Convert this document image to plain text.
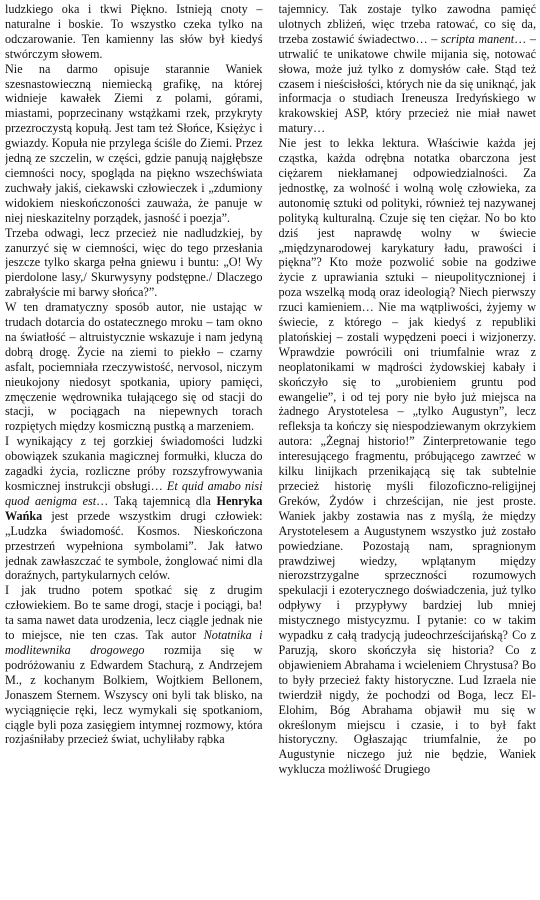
ludzkiego oka i tkwi Piękno. Istnieją cnoty – naturalne i boskie. To wszystko czeka tylko na odczarowanie. Ten kamienny las słów był kiedyś stwórczym słowem.

Nie na darmo opisuje starannie Waniek szesnastowieczną niemiecką grafikę, na której widnieje kawałek Ziemi z polami, górami, miastami, poprzecinany wstążkami rzek, przykryty przezroczystą kopułą. Jest tam też Słońce, Księżyc i gwiazdy. Kopuła nie przylega ściśle do Ziemi. Przez jedną ze szczelin, w części, gdzie panują najgłębsze ciemności nocy, spogląda na piękno wszechświata zuchwały jakiś, ciekawski człowieczek i „zdumiony widokiem nieskończoności zauważa, że panuje w niej nieskazitelny porządek, jasność i poezja”.

Trzeba odwagi, lecz przecież nie nadludzkiej, by zanurzyć się w ciemności, więc do tego przesłania jeszcze tylko skarga pełna gniewu i buntu: „O! Wy pierdolone lasy,/ Skurwysyny podstępne./ Dlaczego zabrałyście mi barwy słońca?”.

W ten dramatyczny sposób autor, nie ustając w trudach dotarcia do ostatecznego mroku – tam okno na światłość – altruistycznie wskazuje i nam jedyną dobrą drogę. Życie na ziemi to piekło – czarny asfalt, pociemniała rzeczywistość, nervosol, niczym nieukojony niedosyt spotkania, upiory pamięci, zmęczenie wędrownika tułającego się od stacji do stacji, w pociągach na niepewnych torach rozpiętych między kosmiczną pustką a marzeniem.

I wynikający z tej gorzkiej świadomości ludzki obowiązek szukania magicznej formułki, klucza do zagadki życia, rozliczne próby rozszyfrowywania kosmicznej instrukcji obsługi… Et quid amabo nisi quod aenigma est… Taką tajemnicą dla Henryka Wańka jest przede wszystkim drugi człowiek: „Ludzka świadomość. Kosmos. Nieskończona przestrzeń wypełniona symbolami”. Jak łatwo jednak zawłaszczać te symbole, żonglować nimi dla doraźnych, partykularnych celów.

I jak trudno potem spotkać się z drugim człowiekiem. Bo te same drogi, stacje i pociągi, ba! ta sama nawet data urodzenia, lecz ciągle jednak nie to miejsce, nie ten czas. Tak autor Notatnika i modlitewnika drogowego rozmija się w podróżowaniu z Edwardem Stachurą, z Andrzejem M., z kochanym Bolkiem, Wojtkiem Bellonem, Jonaszem Sternem. Wszyscy oni byli tak blisko, na wyciągnięcie ręki, lecz wymykali się spotkaniom, ciągle byli poza zasięgiem intymnej rozmowy, która rozjaśniłaby przecież świat, uchyliłaby rąbka

tajemnicy. Tak zostaje tylko zawodna pamięć ulotnych zbliżeń, więc trzeba ratować, co się da, trzeba zostawić świadectwo… – scripta manent… – utrwalić te unikatowe chwile mijania się, notować słowa, może już tylko z domysłów całe. Stąd też czasem i nieścisłości, których nie da się uniknąć, jak informacja o studiach Ireneusza Iredyńskiego w krakowskiej ASP, który przecież nie miał nawet matury…

Nie jest to lekka lektura. Właściwie każda jej cząstka, każda odrębna notatka obarczona jest ciężarem niekłamanej odpowiedzialności. Za jednostkę, za wolność i wolną wolę człowieka, za autonomię sztuki od polityki, również tej nazywanej polityką kulturalną. Czuje się ten ciężar. No bo kto dziś jest naprawdę wolny w świecie „międzynarodowej karykatury ładu, prawości i piękna”? Kto może pozwolić sobie na godziwe życie z uprawiania sztuki – nieupolitycznionej i poza wszelką modą oraz ideologią? Niech pierwszy rzuci kamieniem… Nie ma wątpliwości, żyjemy w świecie, z którego – jak kiedyś z republiki platońskiej – zostali wypędzeni poeci i wizjonerzy. Wprawdzie powrócili oni triumfalnie wraz z neoplatonikami w mądrości żydowskiej kabały i skończyło się to „urobieniem gruntu pod ewangelie”, i od tej pory nie było już miejsca na żadnego Arystotelesa – „tylko Augustyn”, lecz refleksja ta kończy się niespodziewanym okrzykiem autora: „Żegnaj historio!” Zinterpretowanie tego interesującego fragmentu, próbującego zawrzeć w kilku linijkach przenikającą się tak subtelnie przecież historię myśli filozoficzno-religijnej Greków, Żydów i chrześcijan, nie jest proste. Waniek jakby zostawia nas z myślą, że między Arystotelesem a Augustynem wszystko już zostało powiedziane. Pozostają nam, spragnionym prawdziwej wiedzy, wplątanym między nierozstrzygalne sprzeczności rozumowych spekulacji i ezoterycznego doświadczenia, już tylko odpływy i przypływy bardziej lub mniej mistycznego mistycyzmu. I pytanie: co w takim wypadku z całą tradycją judeochrześcijańską? Co z Paruzją, skoro skończyła się historia? Co z objawieniem Abrahama i wcieleniem Chrystusa? Bo to były przecież fakty historyczne. Lud Izraela nie twierdził nigdy, że pochodzi od Boga, lecz El-Elohim, Bóg Abrahama objawił mu się w określonym miejscu i czasie, i to był fakt historyczny. Ogłaszając triumfalnie, że po Augustynie niczego już nie będzie, Waniek wyklucza możliwość Drugiego
